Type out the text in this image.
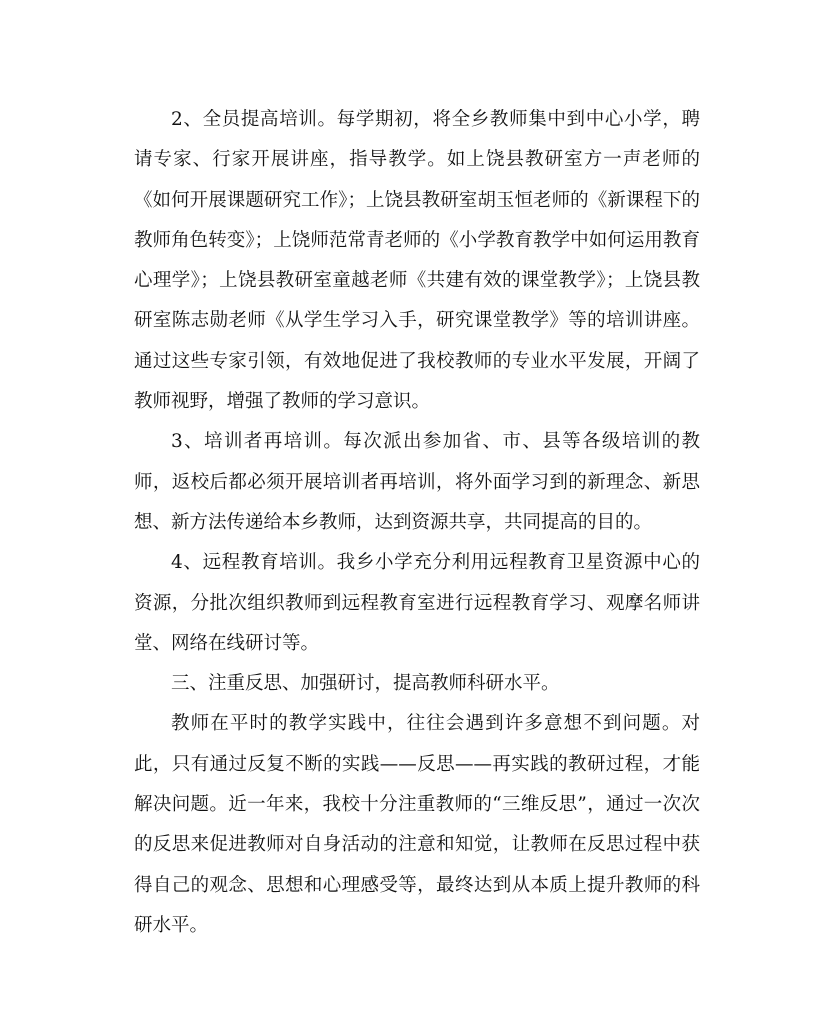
2、全员提高培训。每学期初，将全乡教师集中到中心小学，聘请专家、行家开展讲座，指导教学。如上饶县教研室方一声老师的《如何开展课题研究工作》；上饶县教研室胡玉恒老师的《新课程下的教师角色转变》；上饶师范常青老师的《小学教育教学中如何运用教育心理学》；上饶县教研室童越老师《共建有效的课堂教学》；上饶县教研室陈志勋老师《从学生学习入手，研究课堂教学》等的培训讲座。通过这些专家引领，有效地促进了我校教师的专业水平发展，开阔了教师视野，增强了教师的学习意识。

3、培训者再培训。每次派出参加省、市、县等各级培训的教师，返校后都必须开展培训者再培训，将外面学习到的新理念、新思想、新方法传递给本乡教师，达到资源共享，共同提高的目的。

4、远程教育培训。我乡小学充分利用远程教育卫星资源中心的资源，分批次组织教师到远程教育室进行远程教育学习、观摩名师讲堂、网络在线研讨等。

三、注重反思、加强研讨，提高教师科研水平。

教师在平时的教学实践中，往往会遇到许多意想不到问题。对此，只有通过反复不断的实践——反思——再实践的教研过程，才能解决问题。近一年来，我校十分注重教师的“三维反思”，通过一次次的反思来促进教师对自身活动的注意和知觉，让教师在反思过程中获得自己的观念、思想和心理感受等，最终达到从本质上提升教师的科研水平。
